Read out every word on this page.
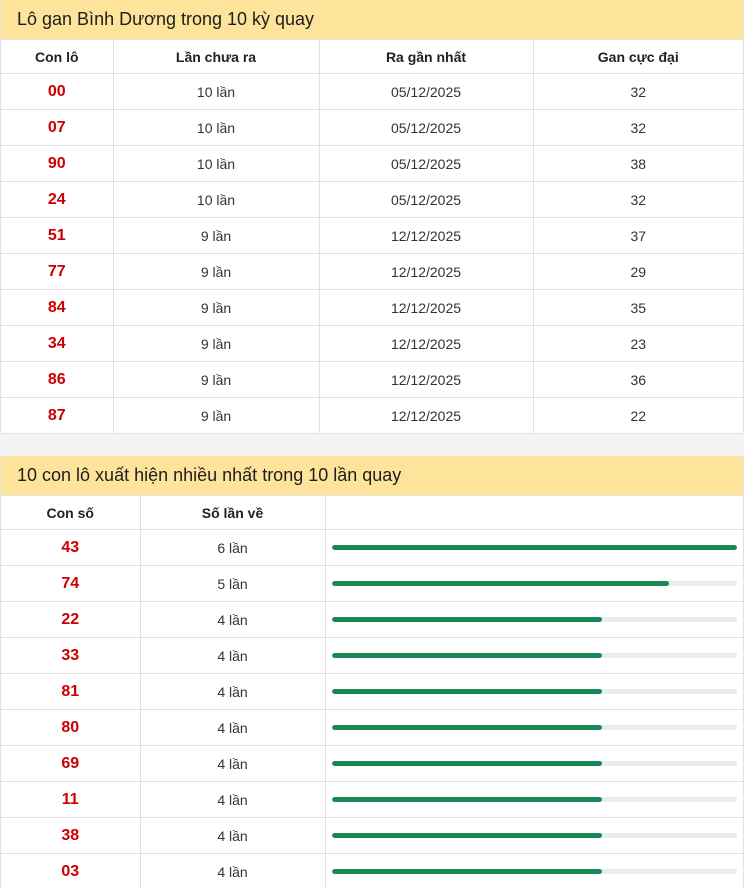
Lô gan Bình Dương trong 10 kỳ quay
Con lô	Lần chưa ra	Ra gần nhất	Gan cực đại
00	10 lần	05/12/2025	32
07	10 lần	05/12/2025	32
90	10 lần	05/12/2025	38
24	10 lần	05/12/2025	32
51	9 lần	12/12/2025	37
77	9 lần	12/12/2025	29
84	9 lần	12/12/2025	35
34	9 lần	12/12/2025	23
86	9 lần	12/12/2025	36
87	9 lần	12/12/2025	22
10 con lô xuất hiện nhiều nhất trong 10 lần quay
Con số	Số lần về	
43	6 lần	

74	5 lần	

22	4 lần	

33	4 lần	

81	4 lần	

80	4 lần	

69	4 lần	

11	4 lần	

38	4 lần	

03	4 lần	
